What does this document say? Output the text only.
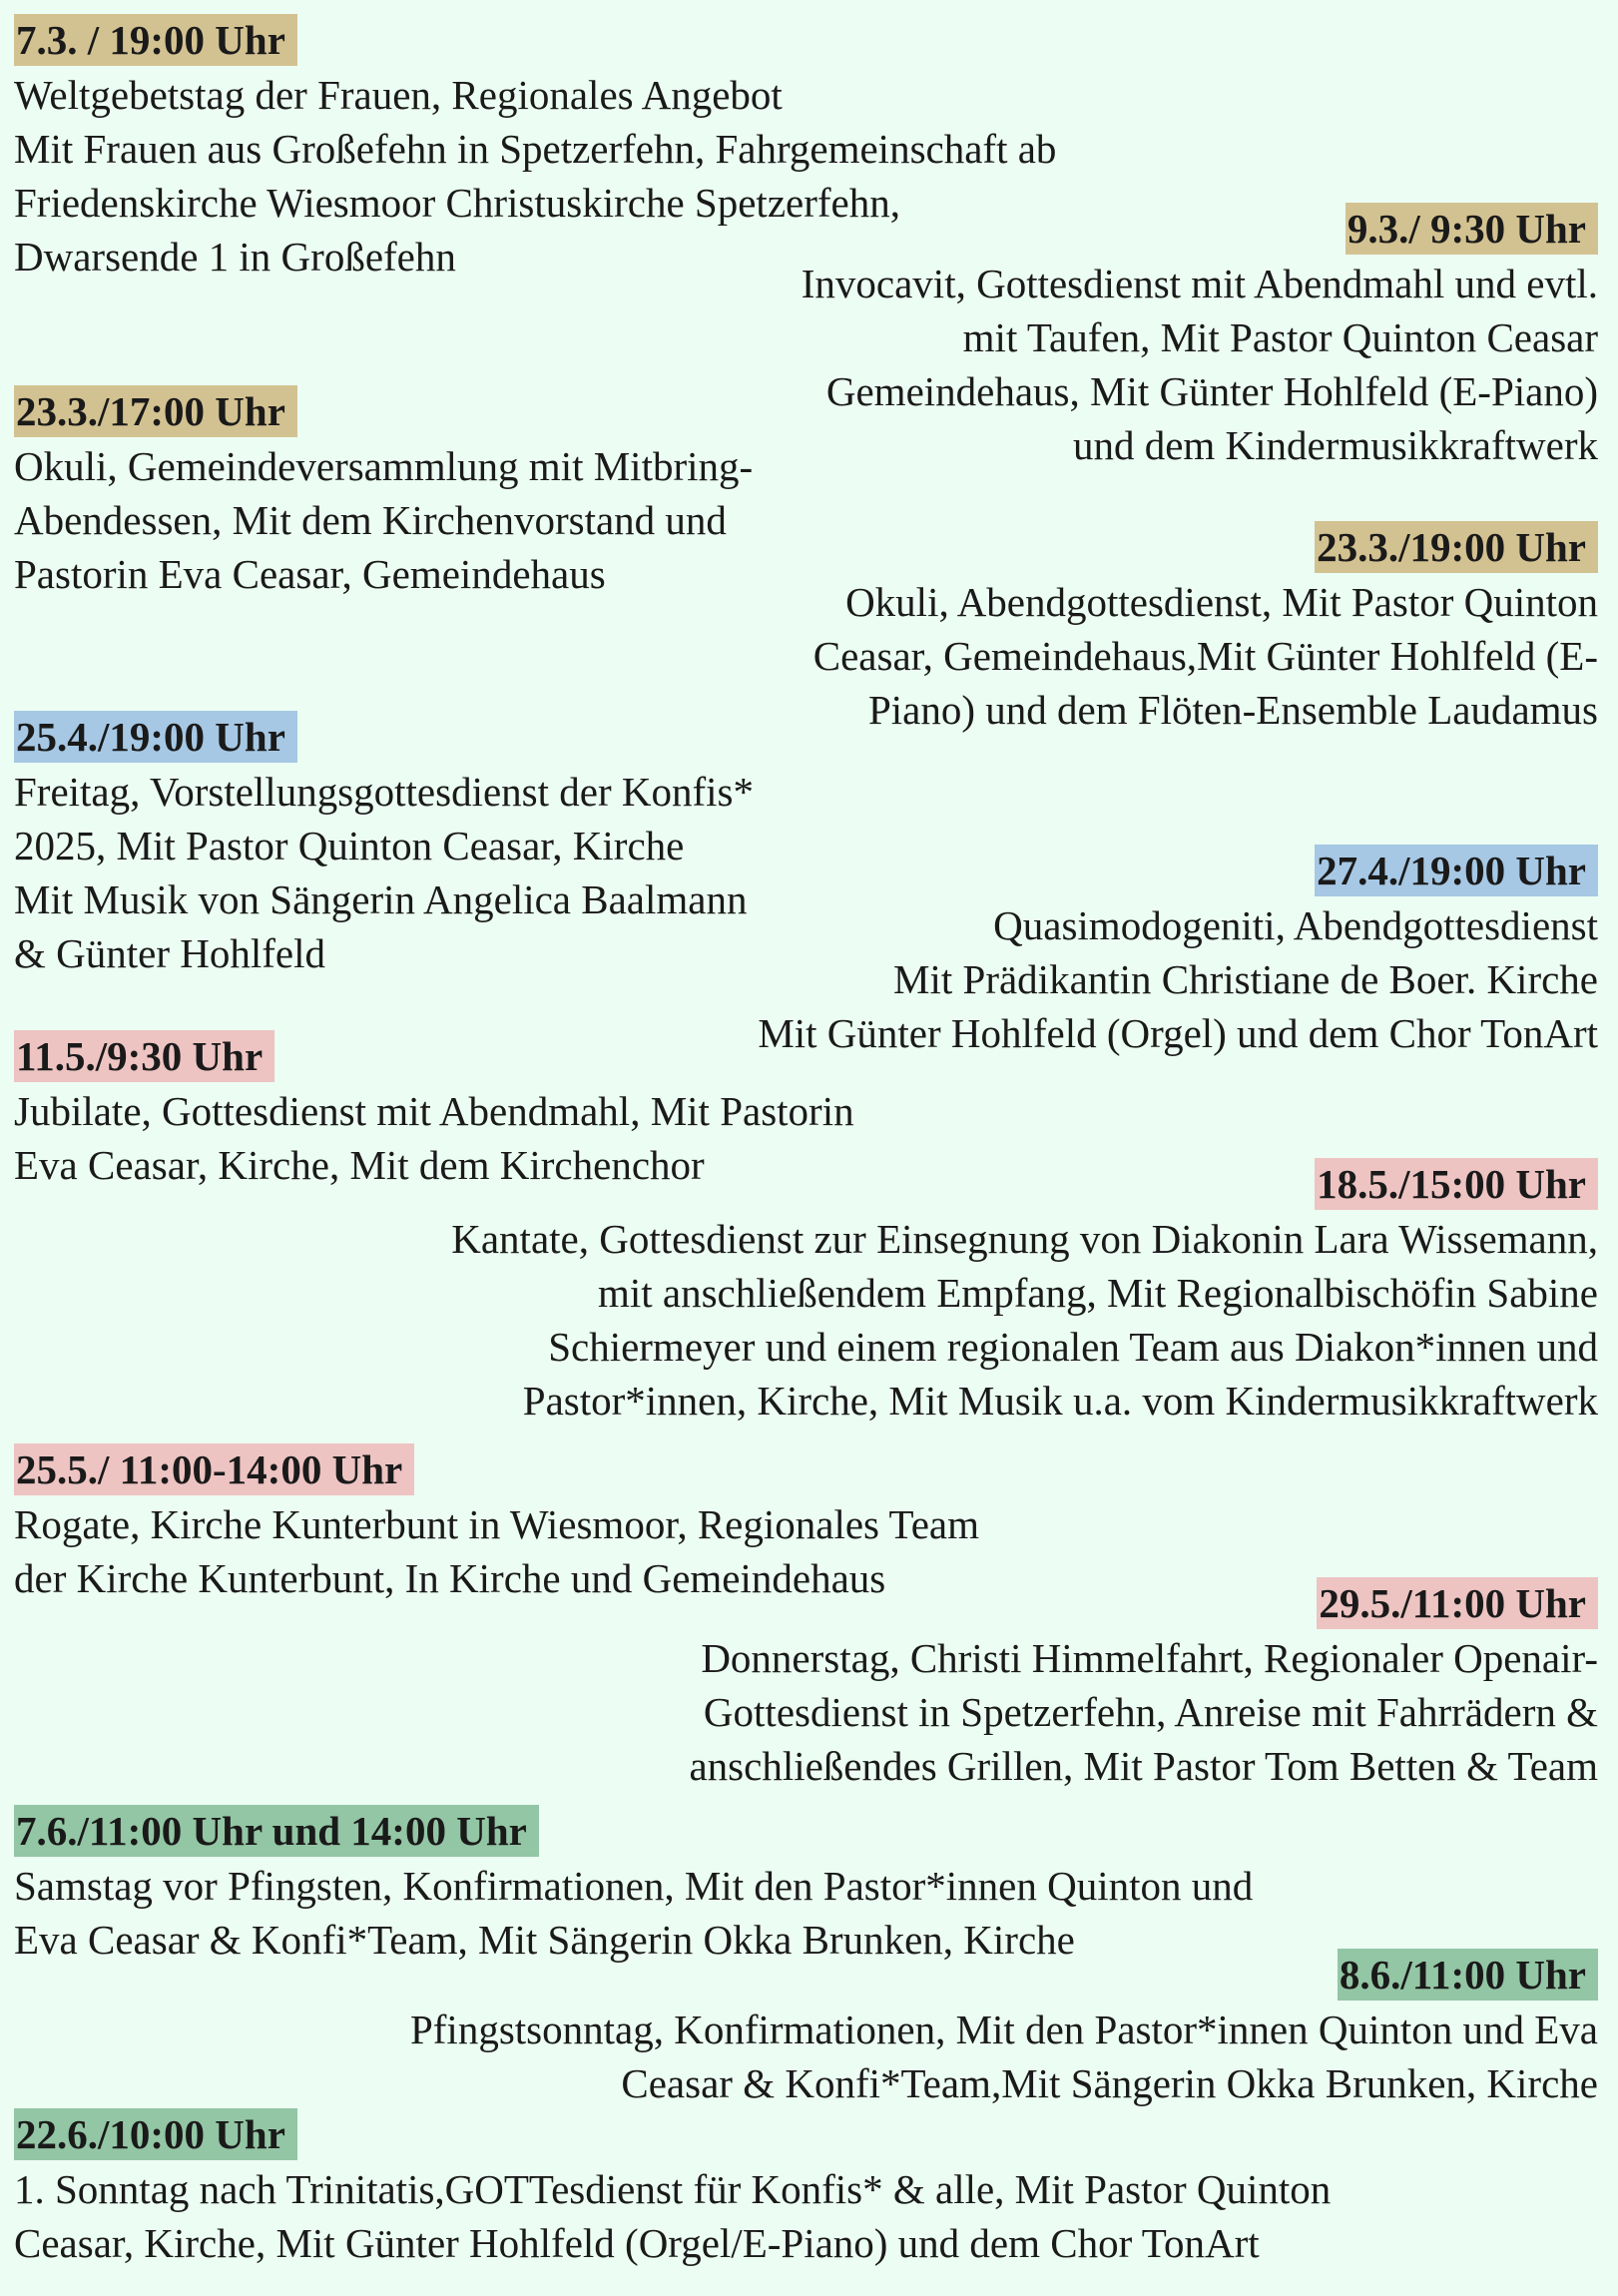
7.3. / 19:00 Uhr
Weltgebetstag der Frauen, Regionales Angebot
Mit Frauen aus Großefehn in Spetzerfehn, Fahrgemeinschaft ab
Friedenskirche Wiesmoor Christuskirche Spetzerfehn,
Dwarsende 1 in Großefehn
9.3./ 9:30 Uhr
Invocavit, Gottesdienst mit Abendmahl und evtl.
mit Taufen, Mit Pastor Quinton Ceasar
Gemeindehaus, Mit Günter Hohlfeld (E-Piano)
und dem Kindermusikkraftwerk
23.3./17:00 Uhr
Okuli, Gemeindeversammlung mit Mitbring-
Abendessen, Mit dem Kirchenvorstand und
Pastorin Eva Ceasar, Gemeindehaus
23.3./19:00 Uhr
Okuli, Abendgottesdienst, Mit Pastor Quinton
Ceasar, Gemeindehaus,Mit Günter Hohlfeld (E-
Piano) und dem Flöten-Ensemble Laudamus
25.4./19:00 Uhr
Freitag, Vorstellungsgottesdienst der Konfis*
2025, Mit Pastor Quinton Ceasar, Kirche
Mit Musik von Sängerin Angelica Baalmann
& Günter Hohlfeld
27.4./19:00 Uhr
Quasimodogeniti, Abendgottesdienst
Mit Prädikantin Christiane de Boer. Kirche
Mit Günter Hohlfeld (Orgel) und dem Chor TonArt
11.5./9:30 Uhr
Jubilate, Gottesdienst mit Abendmahl, Mit Pastorin
Eva Ceasar, Kirche, Mit dem Kirchenchor	18.5./15:00 Uhr
Kantate, Gottesdienst zur Einsegnung von Diakonin Lara Wissemann,
mit anschließendem Empfang, Mit Regionalbischöfin Sabine
Schiermeyer und einem regionalen Team aus Diakon*innen und
Pastor*innen, Kirche, Mit Musik u.a. vom Kindermusikkraftwerk
25.5./ 11:00-14:00 Uhr
Rogate, Kirche Kunterbunt in Wiesmoor, Regionales Team
der Kirche Kunterbunt, In Kirche und Gemeindehaus
29.5./11:00 Uhr
Donnerstag, Christi Himmelfahrt, Regionaler Openair-
Gottesdienst in Spetzerfehn, Anreise mit Fahrrädern &
anschließendes Grillen, Mit Pastor Tom Betten & Team
7.6./11:00 Uhr und 14:00 Uhr
Samstag vor Pfingsten, Konfirmationen, Mit den Pastor*innen Quinton und
Eva Ceasar & Konfi*Team, Mit Sängerin Okka Brunken, Kirche
8.6./11:00 Uhr
Pfingstsonntag, Konfirmationen, Mit den Pastor*innen Quinton und Eva
Ceasar & Konfi*Team,Mit Sängerin Okka Brunken, Kirche
22.6./10:00 Uhr
1. Sonntag nach Trinitatis,GOTTesdienst für Konfis* & alle, Mit Pastor Quinton
Ceasar, Kirche, Mit Günter Hohlfeld (Orgel/E-Piano) und dem Chor TonArt
